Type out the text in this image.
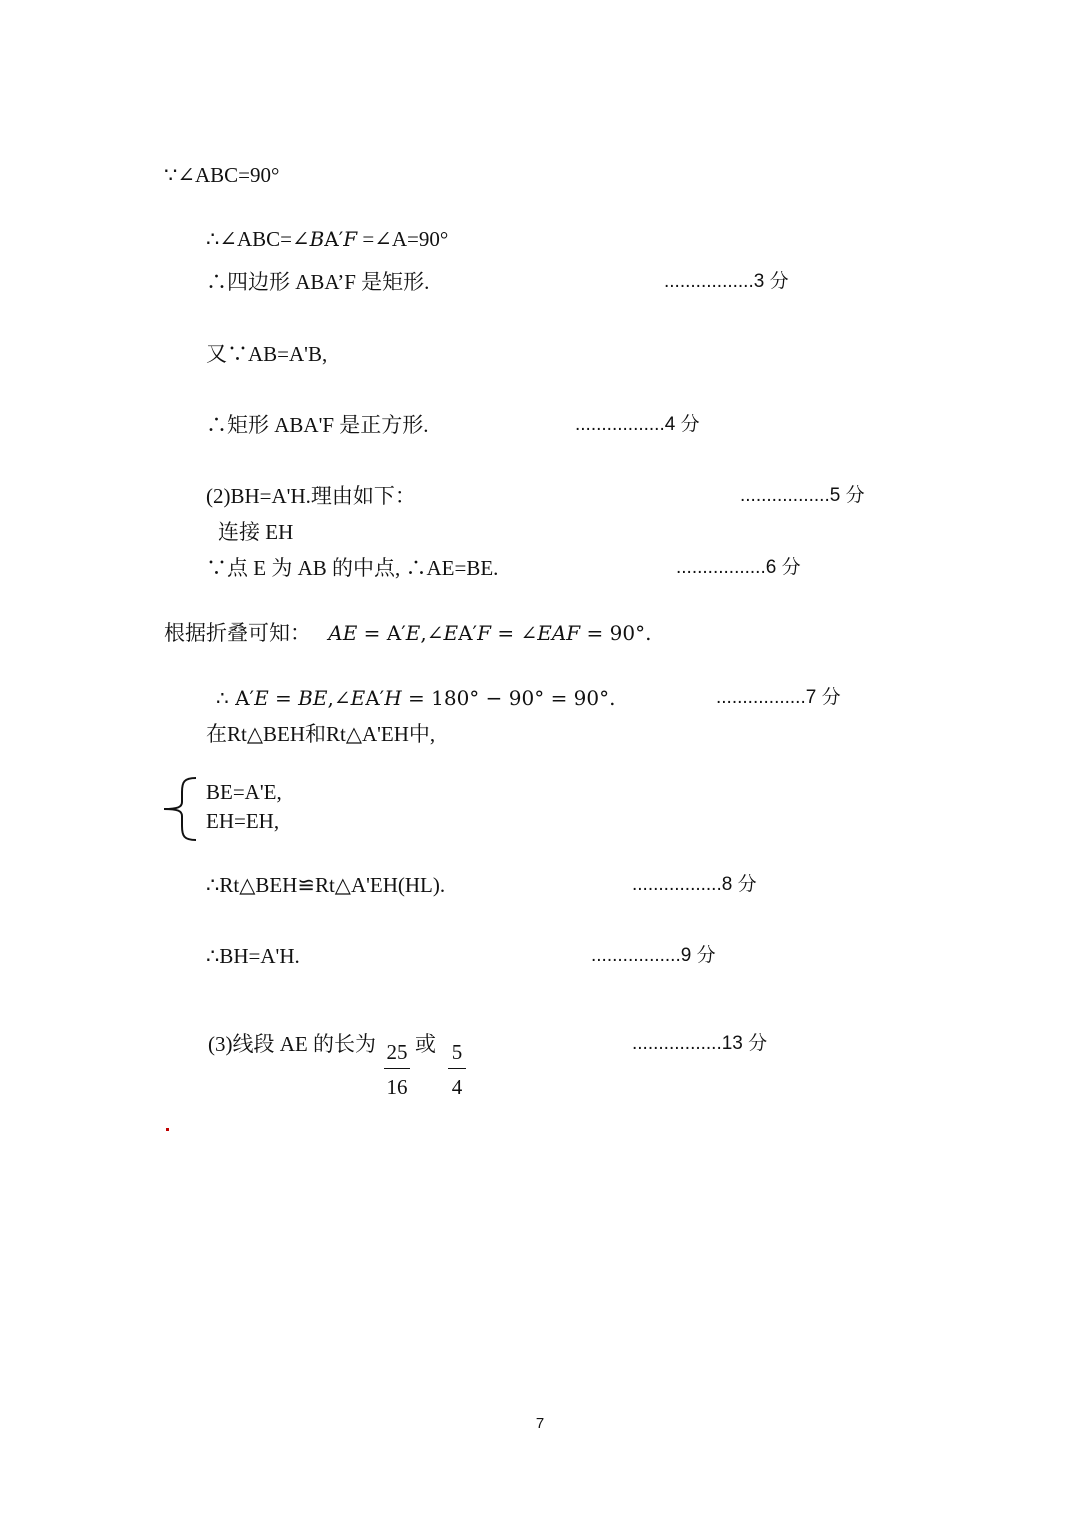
∵∠ABC=90°
∴∠ABC=∠BA′F =∠A=90°
∴四边形 ABA’F 是矩形.	.................3 分
又∵AB=A'B,
∴矩形 ABA'F 是正方形.	.................4 分
(2)BH=A'H.理由如下：	.................5 分
连接 EH
∵点 E 为 AB 的中点, ∴AE=BE.	.................6 分
根据折叠可知： AE = A′E,∠EA′F = ∠EAF = 90°.
∴ A′E = BE,∠EA′H = 180° − 90° = 90°.	.................7 分
在Rt△BEH和Rt△A'EH中,
BE=A'E,
EH=EH,
∴Rt△BEH≌Rt△A'EH(HL).	.................8 分
∴BH=A'H.	.................9 分
(3)线段 AE 的长为 25
16
或 5
4
.................13 分
7
